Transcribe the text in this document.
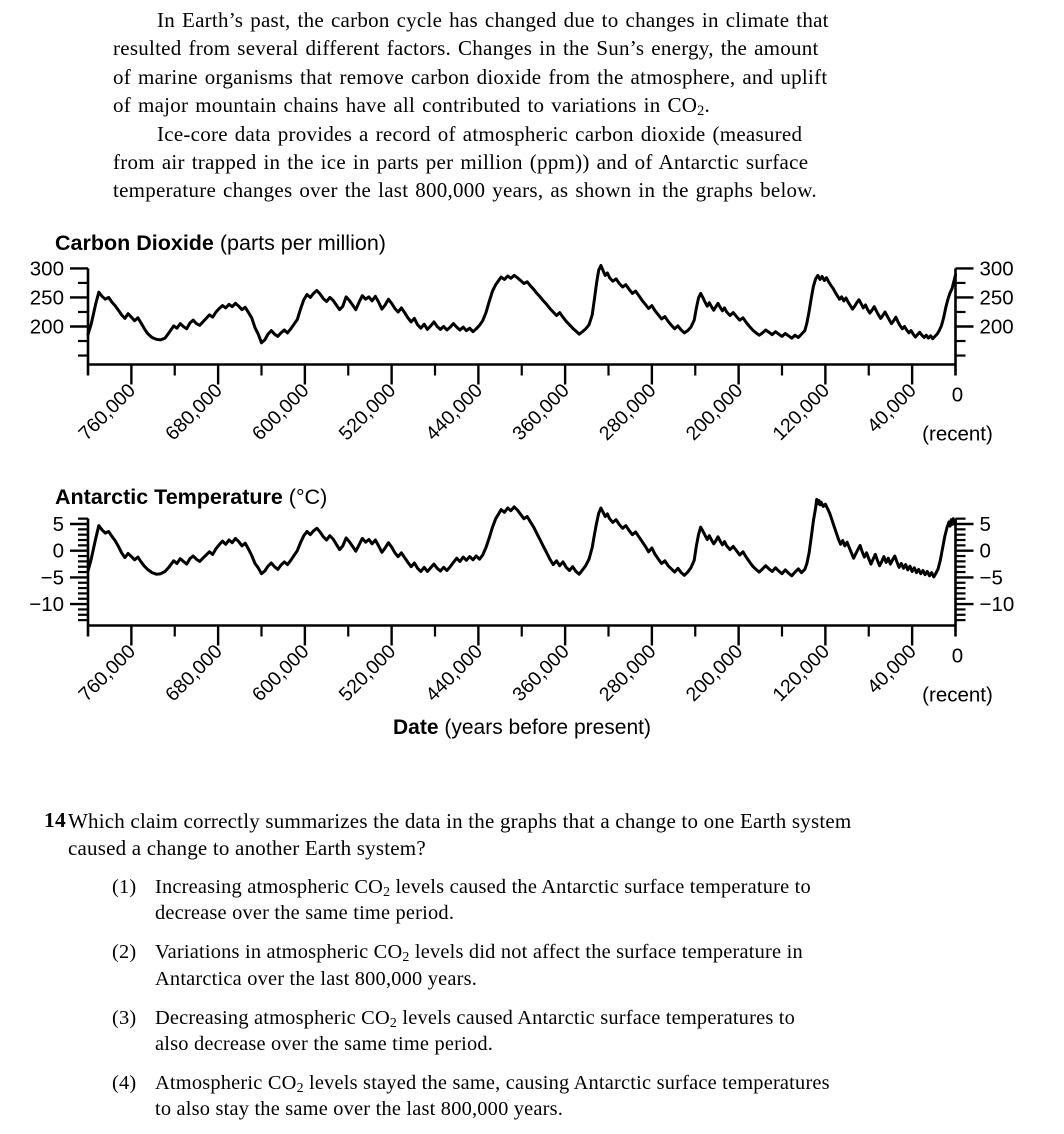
In Earth’s past, the carbon cycle has changed due to changes in climate that
resulted from several different factors. Changes in the Sun’s energy, the amount
of marine organisms that remove carbon dioxide from the atmosphere, and uplift
of major mountain chains have all contributed to variations in $CO_2$.

Ice-core data provides a record of atmospheric carbon dioxide (measured
from air trapped in the ice in parts per million (ppm)) and of Antarctic surface
temperature changes over the last 800,000 years, as shown in the graphs below.

Carbon Dioxide (parts per million)
Antarctic Temperature (°C)
300	300
250	250
200	200
760,000 680,000 600,000 520,000 440,000 360,000 280,000 200,000 120,000 40,000 0
(recent)
5	5
0	0
−5	−5
−10	−10
760,000 680,000 600,000 520,000 440,000 360,000 280,000 200,000 120,000 40,000 0
(recent)
Date (years before present)
14 Which claim correctly summarizes the data in the graphs that a change to one Earth system
caused a change to another Earth system?
(1) Increasing atmospheric $CO_2$ levels caused the Antarctic surface temperature to
decrease over the same time period.
(2) Variations in atmospheric $CO_2$ levels did not affect the surface temperature in
Antarctica over the last 800,000 years.
(3) Decreasing atmospheric $CO_2$ levels caused Antarctic surface temperatures to
also decrease over the same time period.
(4) Atmospheric $CO_2$ levels stayed the same, causing Antarctic surface temperatures
to also stay the same over the last 800,000 years.
